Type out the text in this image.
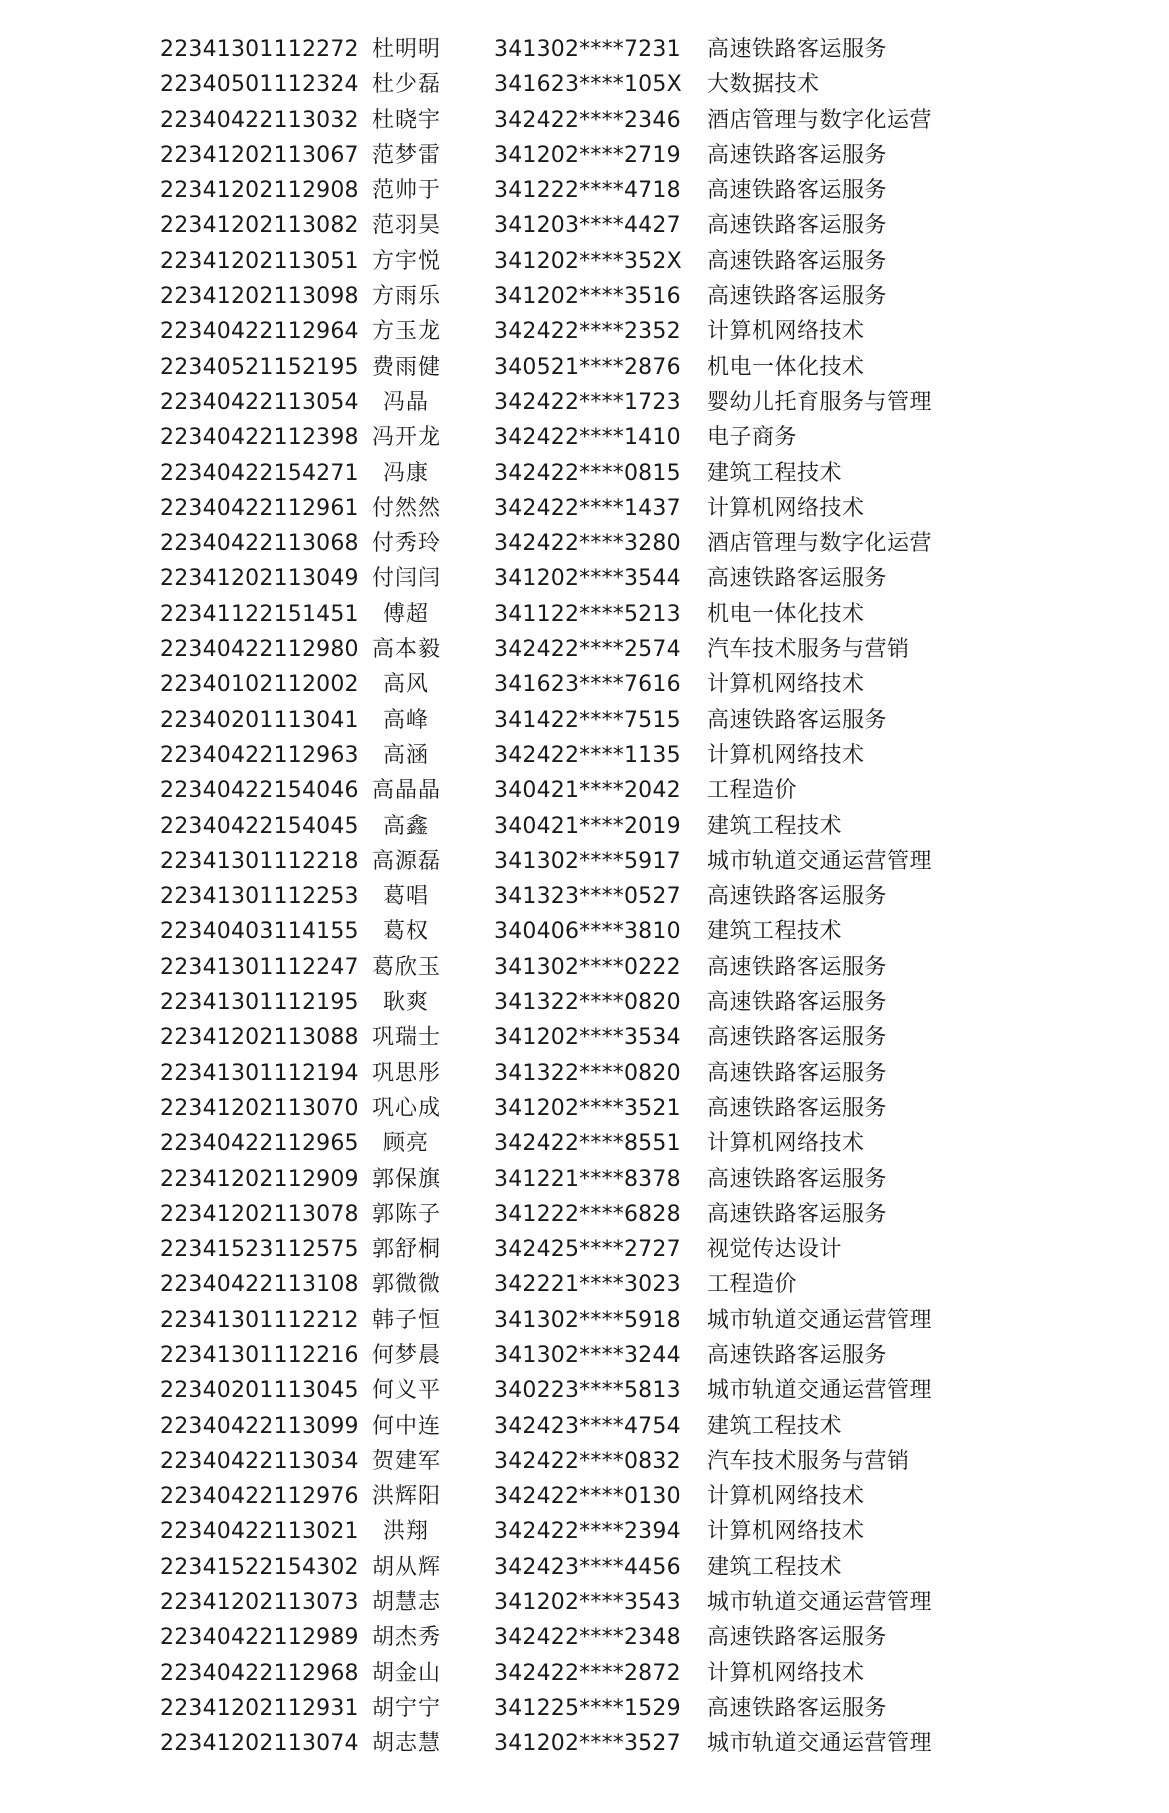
22341301112272 杜明明 341302****7231 高速铁路客运服务
22340501112324 杜少磊 341623****105X 大数据技术
22340422113032 杜晓宇 342422****2346 酒店管理与数字化运营
22341202113067 范梦雷 341202****2719 高速铁路客运服务
22341202112908 范帅于 341222****4718 高速铁路客运服务
22341202113082 范羽昊 341203****4427 高速铁路客运服务
22341202113051 方宇悦 341202****352X 高速铁路客运服务
22341202113098 方雨乐 341202****3516 高速铁路客运服务
22340422112964 方玉龙 342422****2352 计算机网络技术
22340521152195 费雨健 340521****2876 机电一体化技术
22340422113054	冯晶	342422****1723 婴幼儿托育服务与管理
22340422112398 冯开龙 342422****1410 电子商务
22340422154271	冯康	342422****0815 建筑工程技术
22340422112961 付然然 342422****1437 计算机网络技术
22340422113068 付秀玲 342422****3280 酒店管理与数字化运营
22341202113049 付闫闫 341202****3544 高速铁路客运服务
22341122151451	傅超	341122****5213 机电一体化技术
22340422112980 高本毅 342422****2574 汽车技术服务与营销
22340102112002	高风	341623****7616 计算机网络技术
22340201113041	高峰	341422****7515 高速铁路客运服务
22340422112963	高涵	342422****1135 计算机网络技术
22340422154046 高晶晶 340421****2042 工程造价
22340422154045	高鑫	340421****2019 建筑工程技术
22341301112218 高源磊 341302****5917 城市轨道交通运营管理
22341301112253	葛唱	341323****0527 高速铁路客运服务
22340403114155	葛权	340406****3810 建筑工程技术
22341301112247 葛欣玉 341302****0222 高速铁路客运服务
22341301112195	耿爽	341322****0820 高速铁路客运服务
22341202113088 巩瑞士 341202****3534 高速铁路客运服务
22341301112194 巩思彤 341322****0820 高速铁路客运服务
22341202113070 巩心成 341202****3521 高速铁路客运服务
22340422112965	顾亮	342422****8551 计算机网络技术
22341202112909 郭保旗 341221****8378 高速铁路客运服务
22341202113078 郭陈子 341222****6828 高速铁路客运服务
22341523112575 郭舒桐 342425****2727 视觉传达设计
22340422113108 郭微微 342221****3023 工程造价
22341301112212 韩子恒 341302****5918 城市轨道交通运营管理
22341301112216 何梦晨 341302****3244 高速铁路客运服务
22340201113045 何义平 340223****5813 城市轨道交通运营管理
22340422113099 何中连 342423****4754 建筑工程技术
22340422113034 贺建军 342422****0832 汽车技术服务与营销
22340422112976 洪辉阳 342422****0130 计算机网络技术
22340422113021	洪翔	342422****2394 计算机网络技术
22341522154302 胡从辉 342423****4456 建筑工程技术
22341202113073 胡慧志 341202****3543 城市轨道交通运营管理
22340422112989 胡杰秀 342422****2348 高速铁路客运服务
22340422112968 胡金山 342422****2872 计算机网络技术
22341202112931 胡宁宁 341225****1529 高速铁路客运服务
22341202113074 胡志慧 341202****3527 城市轨道交通运营管理
